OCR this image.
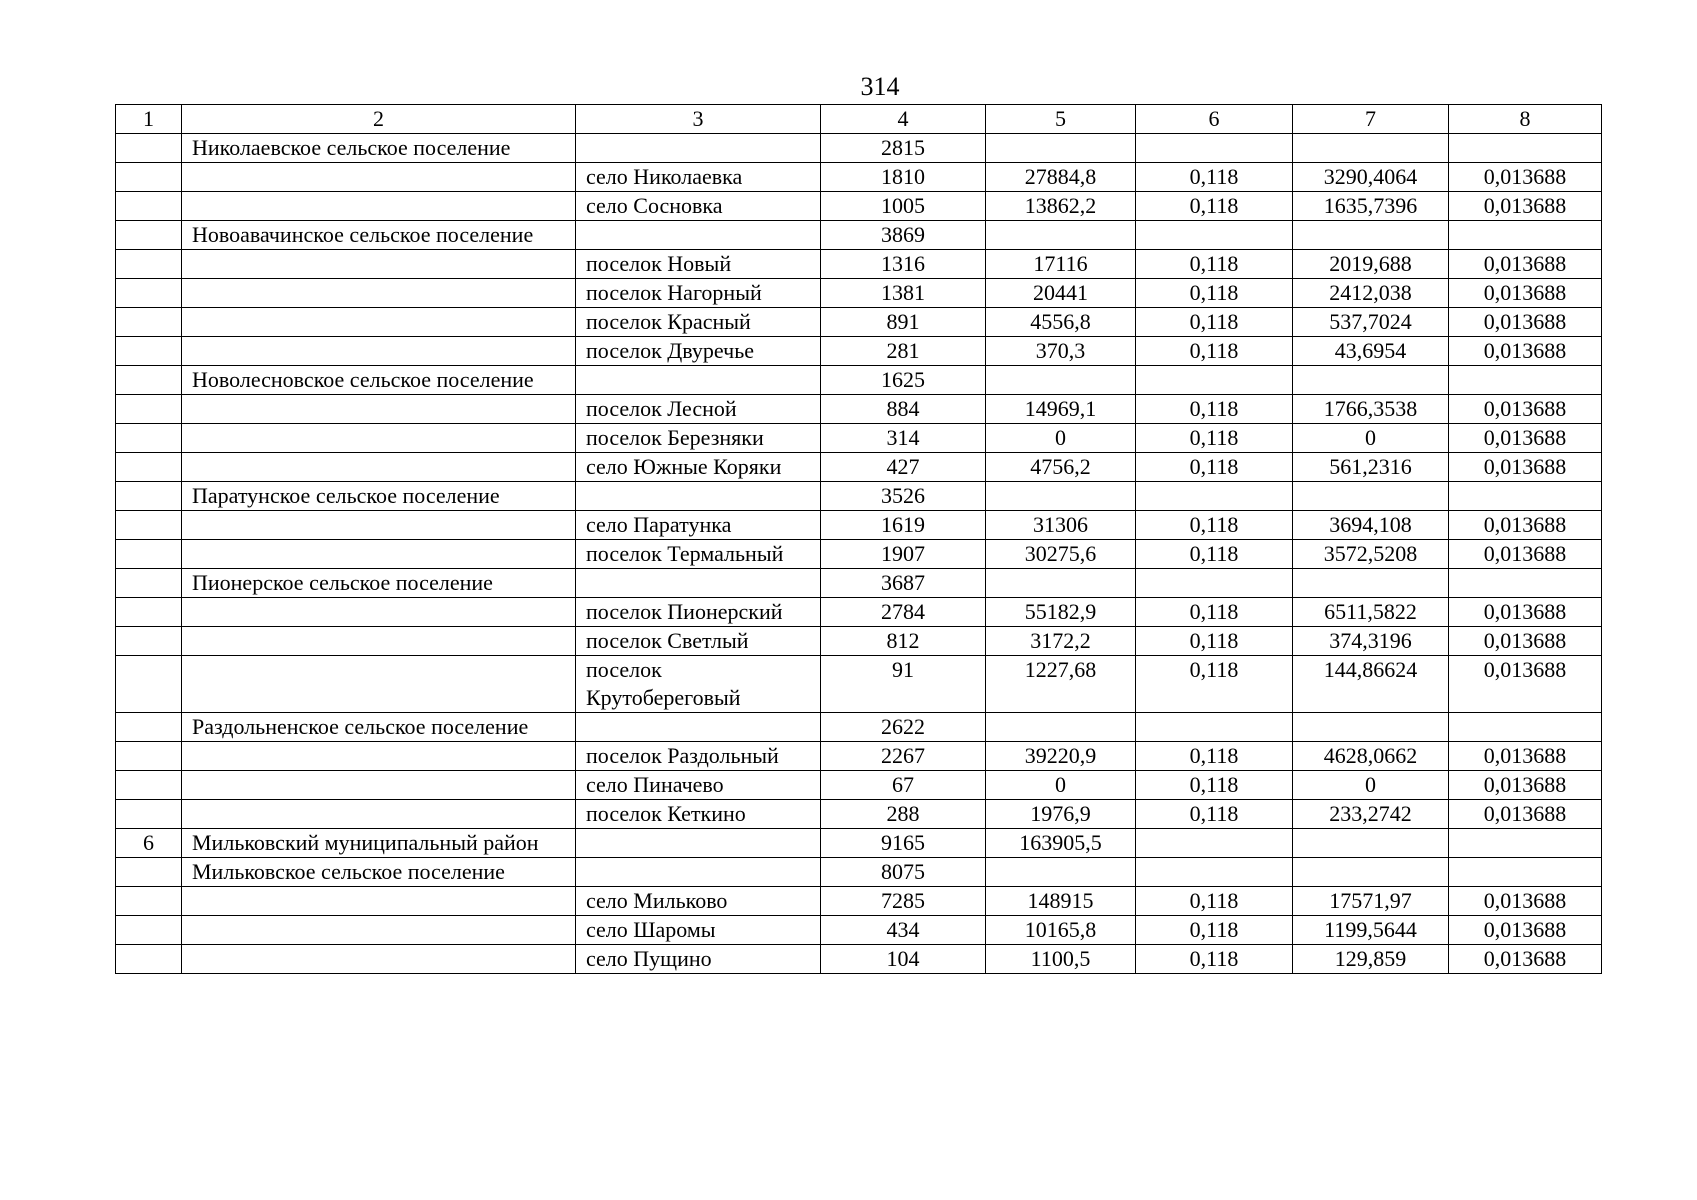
314
1	2	3	4	5	6	7	8
	Николаевское сельское поселение		2815				
		село Николаевка	1810	27884,8	0,118	3290,4064	0,013688
		село Сосновка	1005	13862,2	0,118	1635,7396	0,013688
	Новоавачинское сельское поселение		3869				
		поселок Новый	1316	17116	0,118	2019,688	0,013688
		поселок Нагорный	1381	20441	0,118	2412,038	0,013688
		поселок Красный	891	4556,8	0,118	537,7024	0,013688
		поселок Двуречье	281	370,3	0,118	43,6954	0,013688
	Новолесновское сельское поселение		1625				
		поселок Лесной	884	14969,1	0,118	1766,3538	0,013688
		поселок Березняки	314	0	0,118	0	0,013688
		село Южные Коряки	427	4756,2	0,118	561,2316	0,013688
	Паратунское сельское поселение		3526				
		село Паратунка	1619	31306	0,118	3694,108	0,013688
		поселок Термальный	1907	30275,6	0,118	3572,5208	0,013688
	Пионерское сельское поселение		3687				
		поселок Пионерский	2784	55182,9	0,118	6511,5822	0,013688
		поселок Светлый	812	3172,2	0,118	374,3196	0,013688
		поселок Крутобереговый	91	1227,68	0,118	144,86624	0,013688
	Раздольненское сельское поселение		2622				
		поселок Раздольный	2267	39220,9	0,118	4628,0662	0,013688
		село Пиначево	67	0	0,118	0	0,013688
		поселок Кеткино	288	1976,9	0,118	233,2742	0,013688
6	Мильковский муниципальный район		9165	163905,5			
	Мильковское сельское поселение		8075				
		село Мильково	7285	148915	0,118	17571,97	0,013688
		село Шаромы	434	10165,8	0,118	1199,5644	0,013688
		село Пущино	104	1100,5	0,118	129,859	0,013688
